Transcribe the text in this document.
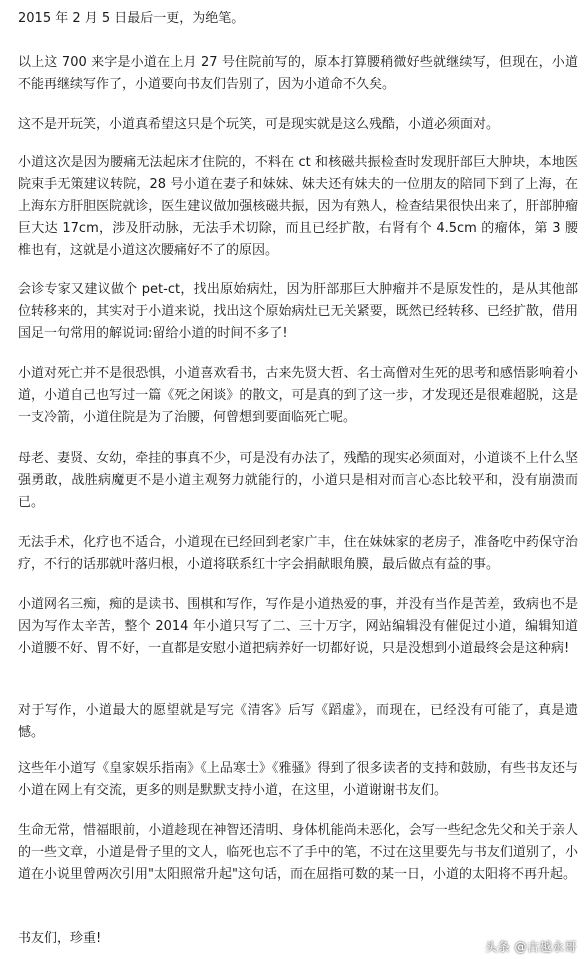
2015 年 2 月 5 日最后一更，为绝笔。

以上这 700 来字是小道在上月 27 号住院前写的，原本打算腰稍微好些就继续写，但现在，小道不能再继续写作了，小道要向书友们告别了，因为小道命不久矣。

这不是开玩笑，小道真希望这只是个玩笑，可是现实就是这么残酷，小道必须面对。

小道这次是因为腰痛无法起床才住院的，不料在 ct 和核磁共振检查时发现肝部巨大肿块，本地医院束手无策建议转院，28 号小道在妻子和妹妹、妹夫还有妹夫的一位朋友的陪同下到了上海，在上海东方肝胆医院就诊，医生建议做加强核磁共振，因为有熟人，检查结果很快出来了，肝部肿瘤巨大达 17cm，涉及肝动脉，无法手术切除，而且已经扩散，右肾有个 4.5cm 的瘤体，第 3 腰椎也有，这就是小道这次腰痛好不了的原因。

会诊专家又建议做个 pet-ct，找出原始病灶，因为肝部那巨大肿瘤并不是原发性的，是从其他部位转移来的，其实对于小道来说，找出这个原始病灶已无关紧要，既然已经转移、已经扩散，借用国足一句常用的解说词:留给小道的时间不多了!

小道对死亡并不是很恐惧，小道喜欢看书，古来先贤大哲、名士高僧对生死的思考和感悟影响着小道，小道自己也写过一篇《死之闲谈》的散文，可是真的到了这一步，才发现还是很难超脱，这是一支冷箭，小道住院是为了治腰，何曾想到要面临死亡呢。

母老、妻贤、女幼，牵挂的事真不少，可是没有办法了，残酷的现实必须面对，小道谈不上什么坚强勇敢，战胜病魔更不是小道主观努力就能行的，小道只是相对而言心态比较平和，没有崩溃而已。

无法手术，化疗也不适合，小道现在已经回到老家广丰，住在妹妹家的老房子，准备吃中药保守治疗，不行的话那就叶落归根，小道将联系红十字会捐献眼角膜，最后做点有益的事。

小道网名三痴，痴的是读书、围棋和写作，写作是小道热爱的事，并没有当作是苦差，致病也不是因为写作太辛苦，整个 2014 年小道只写了二、三十万字，网站编辑没有催促过小道，编辑知道小道腰不好、胃不好，一直都是安慰小道把病养好一切都好说，只是没想到小道最终会是这种病!

对于写作，小道最大的愿望就是写完《清客》后写《蹈虚》，而现在，已经没有可能了，真是遗憾。

这些年小道写《皇家娱乐指南》《上品寒士》《雅骚》得到了很多读者的支持和鼓励，有些书友还与小道在网上有交流，更多的则是默默支持小道，在这里，小道谢谢书友们。

生命无常，惜福眼前，小道趁现在神智还清明、身体机能尚未恶化，会写一些纪念先父和关于亲人的一些文章，小道是骨子里的文人，临死也忘不了手中的笔，不过在这里要先与书友们道别了，小道在小说里曾两次引用"太阳照常升起"这句话，而在屈指可数的某一日，小道的太阳将不再升起。

书友们，珍重!

头条 @古越永哥
